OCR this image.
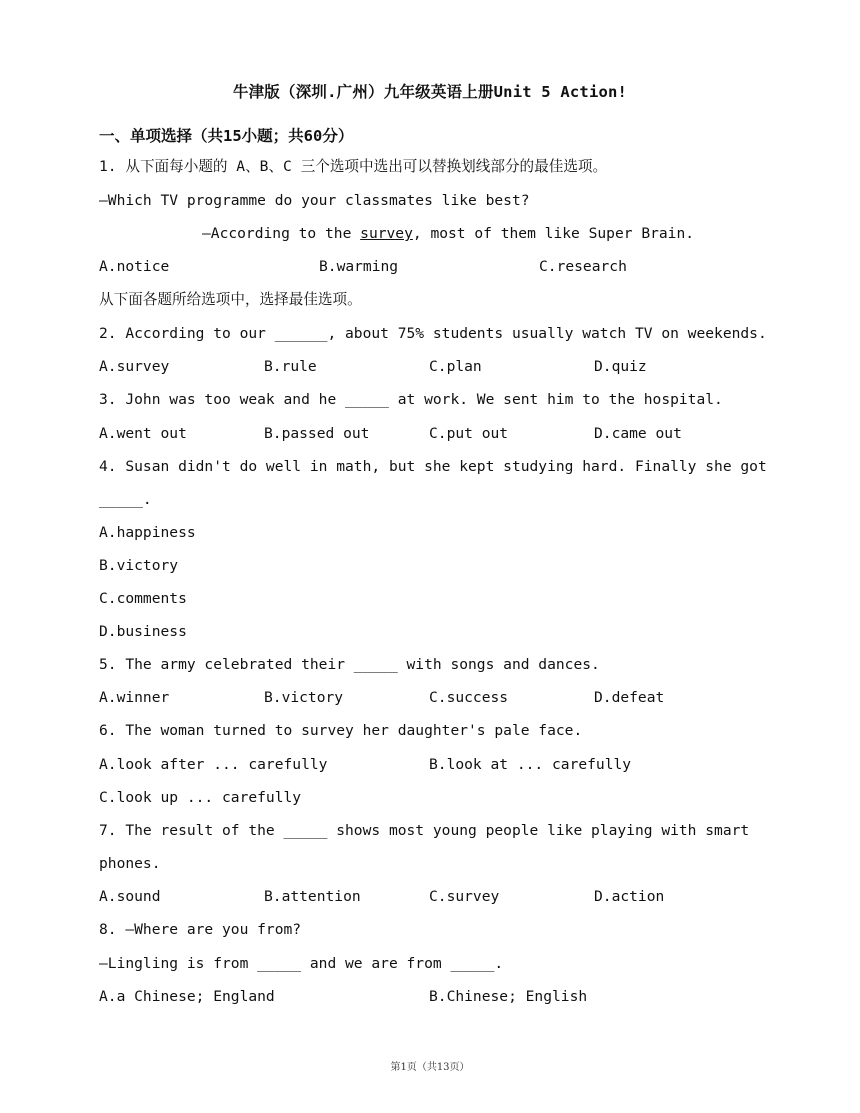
牛津版（深圳.广州）九年级英语上册Unit 5 Action!
一、单项选择（共15小题；共60分）
1. 从下面每小题的 A、B、C 三个选项中选出可以替换划线部分的最佳选项。
—Which TV programme do your classmates like best?
—According to the survey, most of them like Super Brain.
A.notice	B.warming	C.research
从下面各题所给选项中，选择最佳选项。
2. According to our ______, about 75% students usually watch TV on weekends.
A.survey	B.rule	C.plan	D.quiz
3. John was too weak and he _____ at work. We sent him to the hospital.
A.went out	B.passed out	C.put out	D.came out
4. Susan didn't do well in math, but she kept studying hard. Finally she got
_____.
A.happiness
B.victory
C.comments
D.business
5. The army celebrated their _____ with songs and dances.
A.winner	B.victory	C.success	D.defeat
6. The woman turned to survey her daughter's pale face.
A.look after ... carefully	B.look at ... carefully
C.look up ... carefully
7. The result of the _____ shows most young people like playing with smart
phones.
A.sound	B.attention	C.survey	D.action
8. —Where are you from?
—Lingling is from _____ and we are from _____.
A.a Chinese; England	B.Chinese; English
第1页（共13页）
